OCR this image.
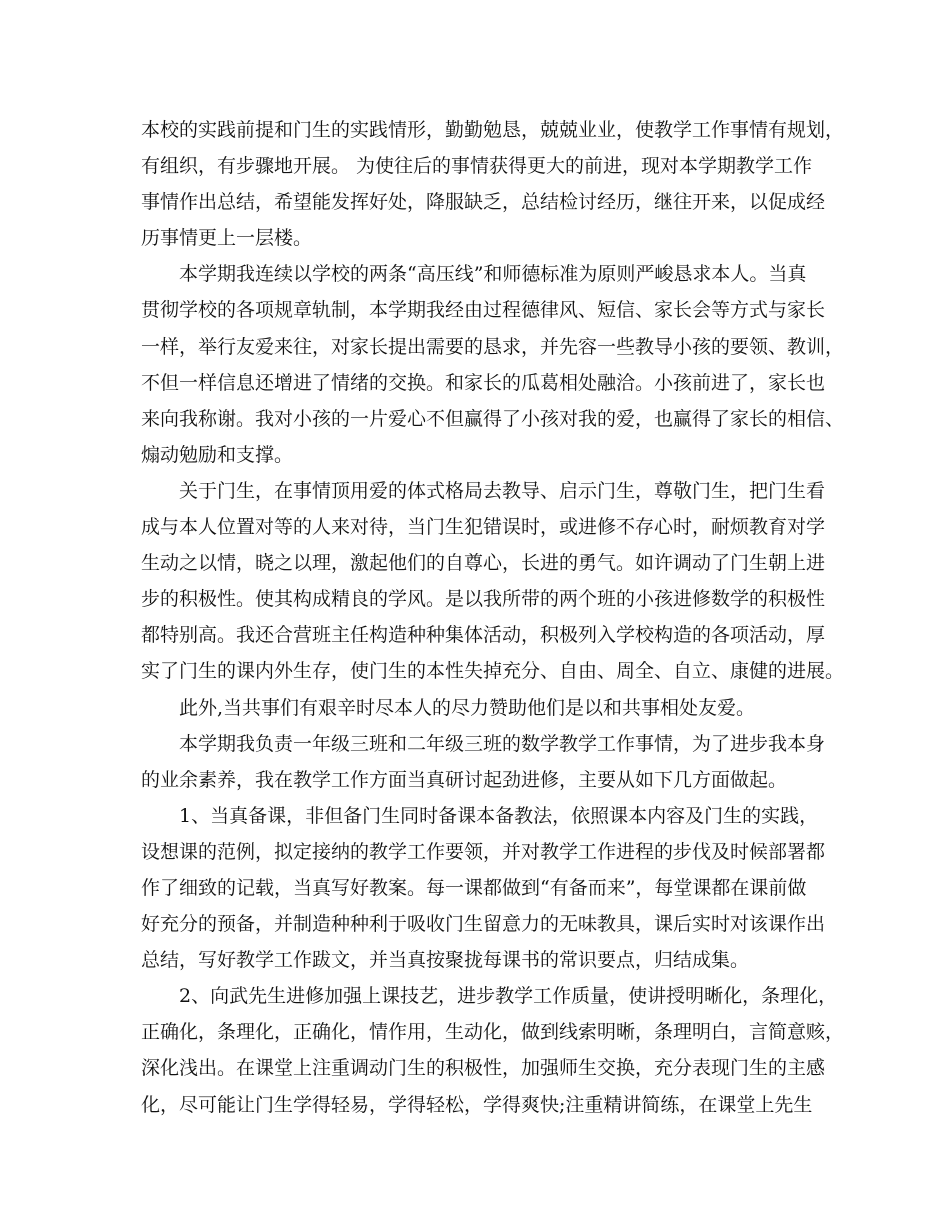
本校的实践前提和门生的实践情形，勤勤勉恳，兢兢业业，使教学工作事情有规划，
有组织，有步骤地开展。 为使往后的事情获得更大的前进，现对本学期教学工作
事情作出总结，希望能发挥好处，降服缺乏，总结检讨经历，继往开来，以促成经
历事情更上一层楼。
本学期我连续以学校的两条“高压线”和师德标准为原则严峻恳求本人。当真
贯彻学校的各项规章轨制，本学期我经由过程德律风、短信、家长会等方式与家长
一样，举行友爱来往，对家长提出需要的恳求，并先容一些教导小孩的要领、教训，
不但一样信息还增进了情绪的交换。和家长的瓜葛相处融洽。小孩前进了，家长也
来向我称谢。我对小孩的一片爱心不但赢得了小孩对我的爱，也赢得了家长的相信、
煽动勉励和支撑。
关于门生，在事情顶用爱的体式格局去教导、启示门生，尊敬门生，把门生看
成与本人位置对等的人来对待，当门生犯错误时，或进修不存心时，耐烦教育对学
生动之以情，晓之以理，激起他们的自尊心，长进的勇气。如许调动了门生朝上进
步的积极性。使其构成精良的学风。是以我所带的两个班的小孩进修数学的积极性
都特别高。我还合营班主任构造种种集体活动，积极列入学校构造的各项活动，厚
实了门生的课内外生存，使门生的本性失掉充分、自由、周全、自立、康健的进展。
此外,当共事们有艰辛时尽本人的尽力赞助他们是以和共事相处友爱。
本学期我负责一年级三班和二年级三班的数学教学工作事情，为了进步我本身
的业余素养，我在教学工作方面当真研讨起劲进修，主要从如下几方面做起。
1、当真备课，非但备门生同时备课本备教法，依照课本内容及门生的实践，
设想课的范例，拟定接纳的教学工作要领，并对教学工作进程的步伐及时候部署都
作了细致的记载，当真写好教案。每一课都做到“有备而来”，每堂课都在课前做
好充分的预备，并制造种种利于吸收门生留意力的无味教具，课后实时对该课作出
总结，写好教学工作跋文，并当真按聚拢每课书的常识要点，归结成集。
2、向武先生进修加强上课技艺，进步教学工作质量，使讲授明晰化，条理化，
正确化，条理化，正确化，情作用，生动化，做到线索明晰，条理明白，言简意赅，
深化浅出。在课堂上注重调动门生的积极性，加强师生交换，充分表现门生的主感
化，尽可能让门生学得轻易，学得轻松，学得爽快;注重精讲简练，在课堂上先生
